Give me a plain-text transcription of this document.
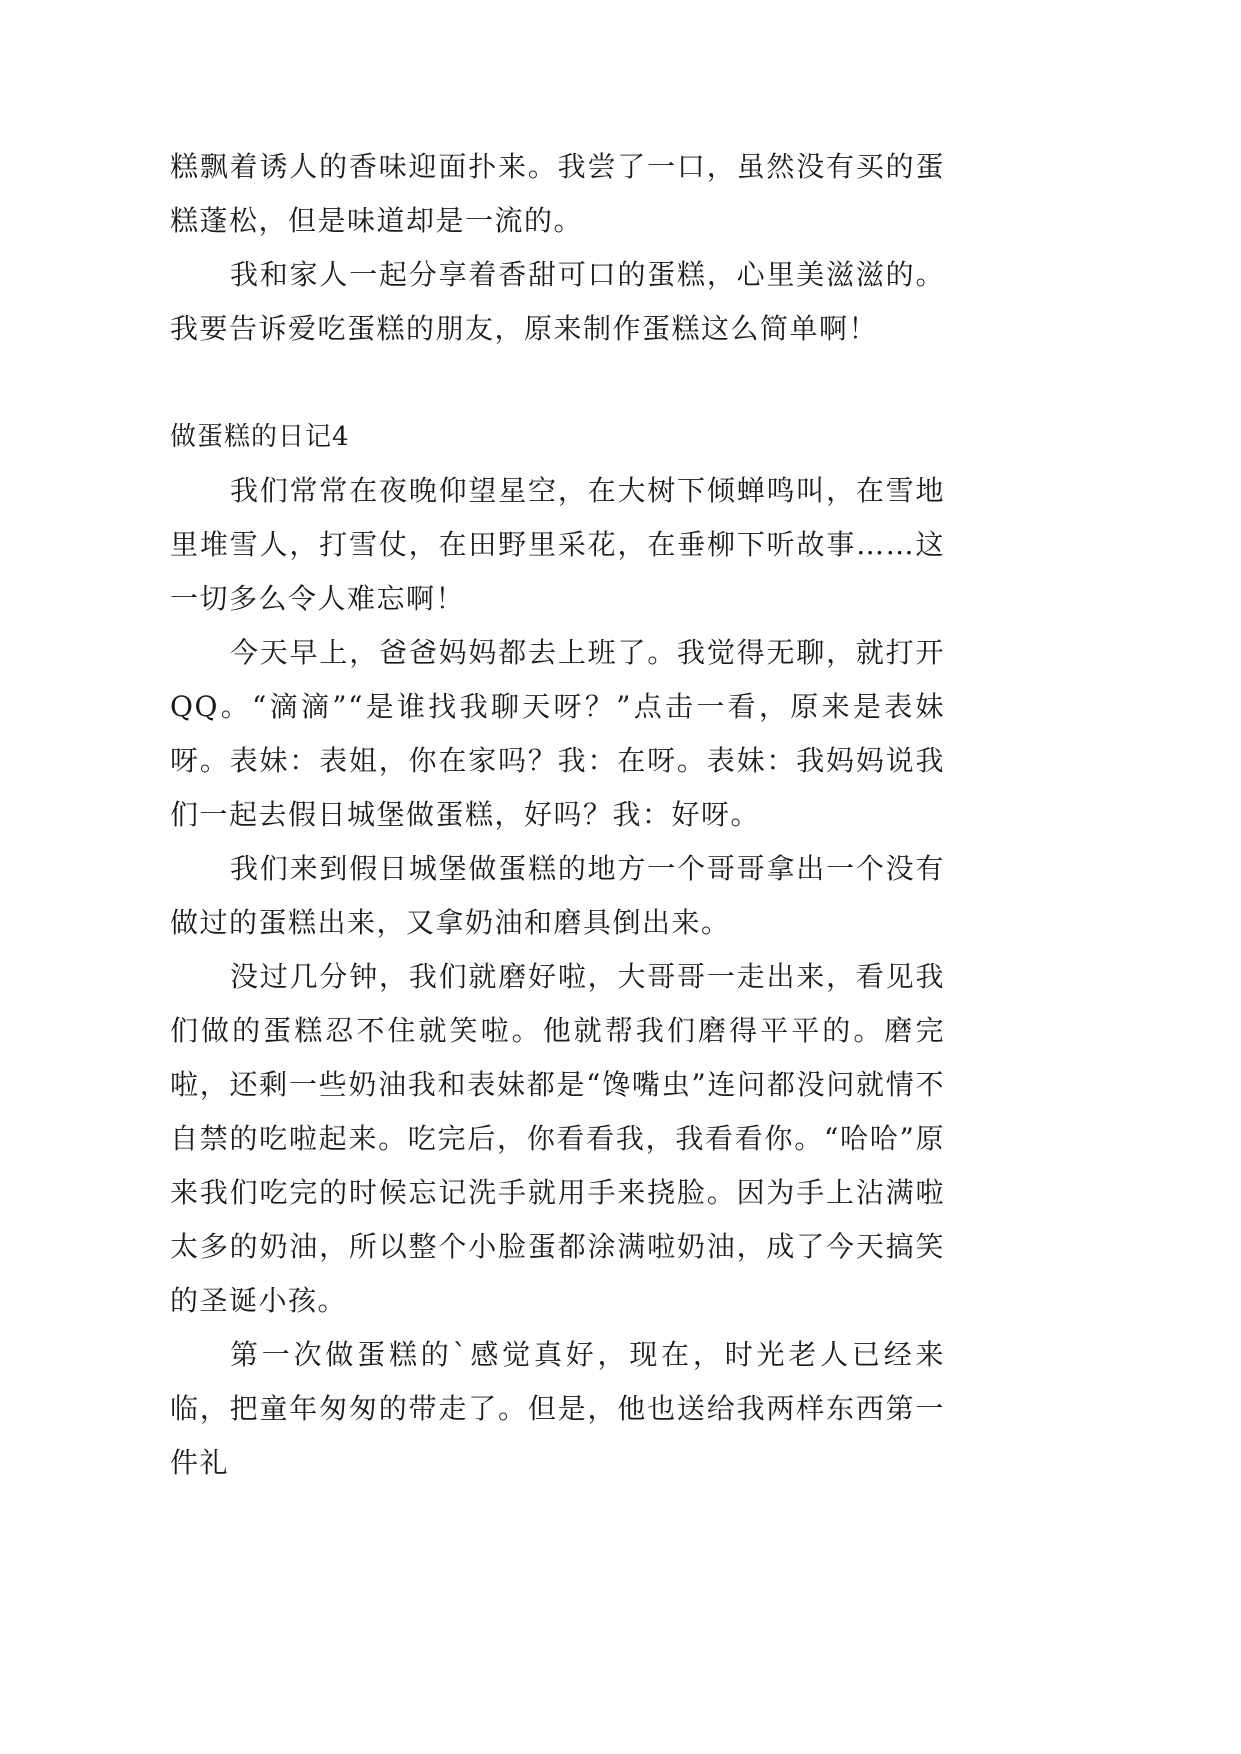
糕飘着诱人的香味迎面扑来。我尝了一口，虽然没有买的蛋糕蓬松，但是味道却是一流的。

我和家人一起分享着香甜可口的蛋糕，心里美滋滋的。我要告诉爱吃蛋糕的朋友，原来制作蛋糕这么简单啊！

做蛋糕的日记4

我们常常在夜晚仰望星空，在大树下倾蝉鸣叫，在雪地里堆雪人，打雪仗，在田野里采花，在垂柳下听故事……这一切多么令人难忘啊！

今天早上，爸爸妈妈都去上班了。我觉得无聊，就打开QQ。“滴滴”“是谁找我聊天呀？”点击一看，原来是表妹呀。表妹：表姐，你在家吗？我：在呀。表妹：我妈妈说我们一起去假日城堡做蛋糕，好吗？我：好呀。

我们来到假日城堡做蛋糕的地方一个哥哥拿出一个没有做过的蛋糕出来，又拿奶油和磨具倒出来。

没过几分钟，我们就磨好啦，大哥哥一走出来，看见我们做的蛋糕忍不住就笑啦。他就帮我们磨得平平的。磨完啦，还剩一些奶油我和表妹都是“馋嘴虫”连问都没问就情不自禁的吃啦起来。吃完后，你看看我，我看看你。“哈哈”原来我们吃完的时候忘记洗手就用手来挠脸。因为手上沾满啦太多的奶油，所以整个小脸蛋都涂满啦奶油，成了今天搞笑的圣诞小孩。

第一次做蛋糕的`感觉真好，现在，时光老人已经来临，把童年匆匆的带走了。但是，他也送给我两样东西第一件礼
